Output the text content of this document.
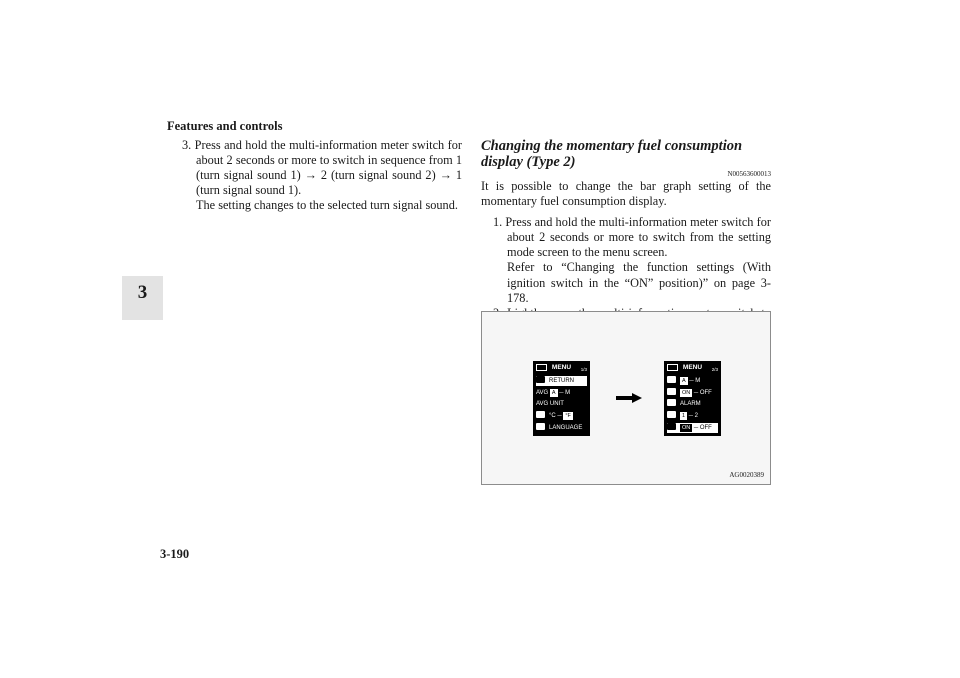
3
Features and controls
3-190

3. Press and hold the multi-information meter switch for about 2 seconds or more to switch in sequence from 1 (turn signal sound 1) → 2 (turn signal sound 2) → 1 (turn signal sound 1).

The setting changes to the selected turn signal sound.

Changing the momentary fuel consumption display (Type 2)

N00563600013

It is possible to change the bar graph setting of the momentary fuel consumption display.

1. Press and hold the multi-information meter switch for about 2 seconds or more to switch from the setting mode screen to the menu screen.

Refer to “Changing the function settings (With ignition switch in the “ON” position)” on page 3-178.

AG0020389
MENU	1/3
RETURN
AVG A ─ M
AVG UNIT
°C ─ °F
LANGUAGE
MENU	2/3
A ─ M
ON ─ OFF
ALARM
1 ─ 2
ON ─ OFF
